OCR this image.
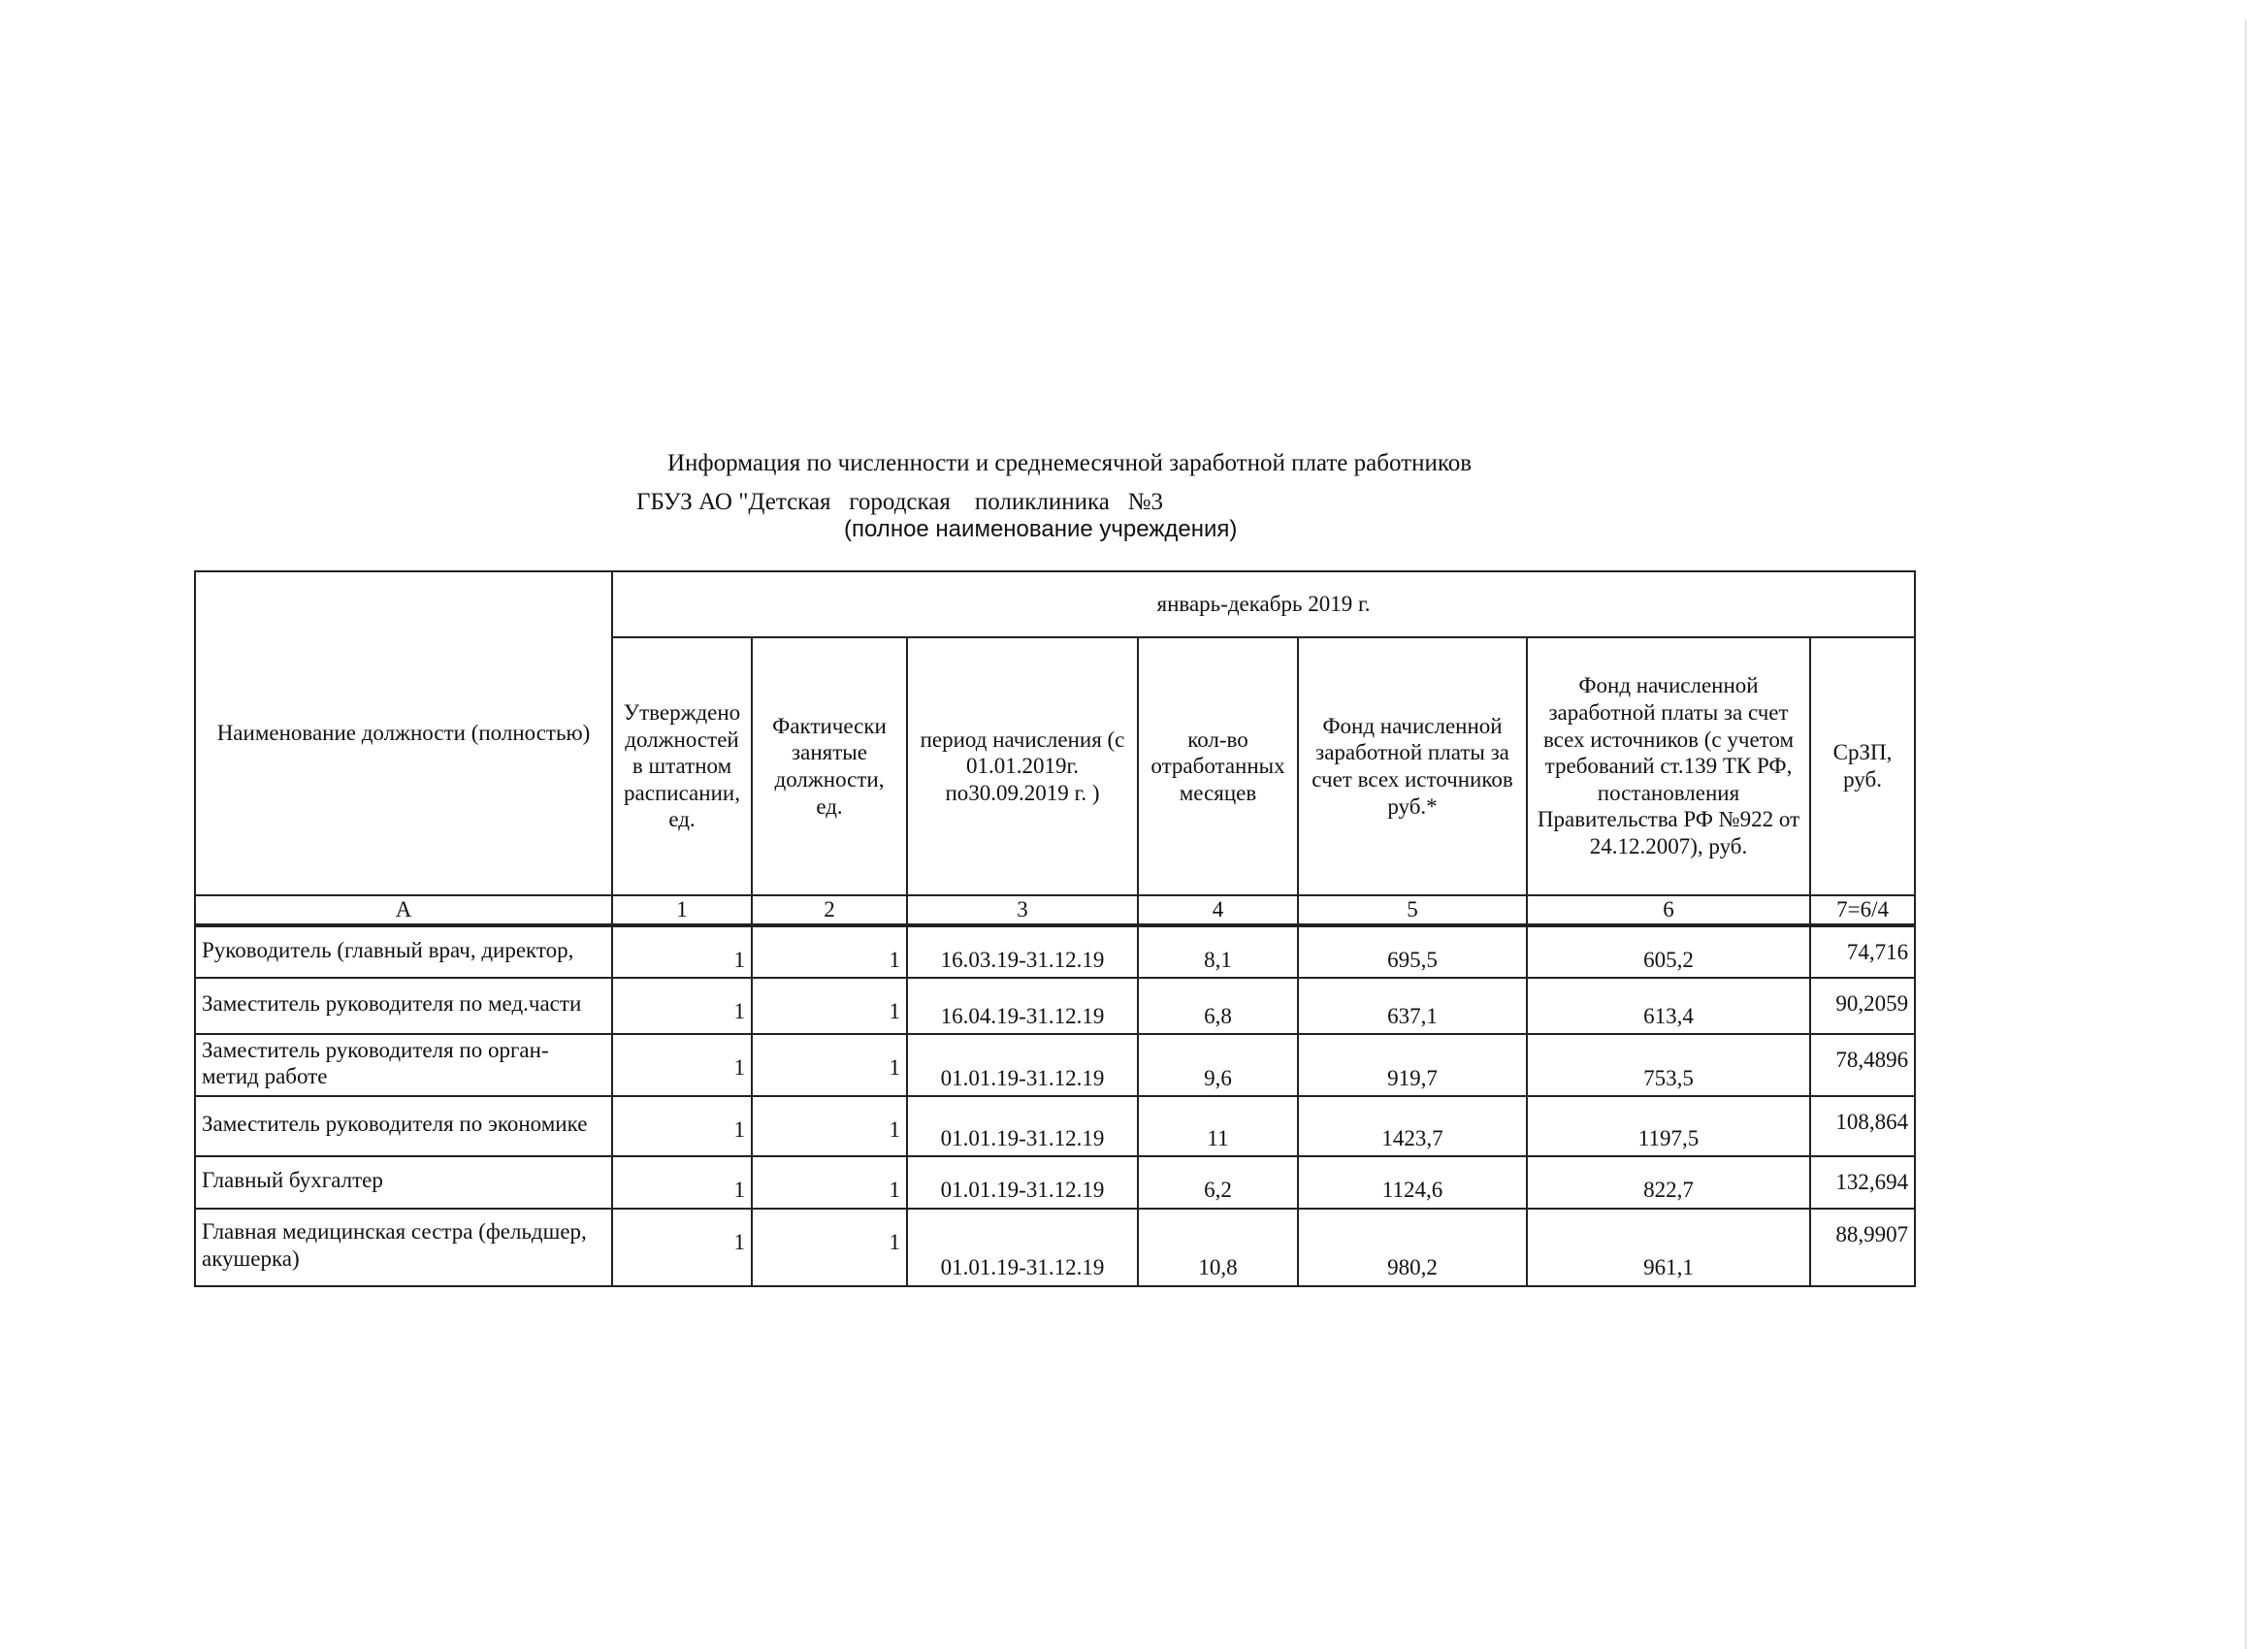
Информация по численности и среднемесячной заработной плате работников
ГБУЗ АО "Детская   городская    поликлиника   №3
(полное наименование учреждения)
Наименование должности (полностью)	январь-декабрь 2019 г.						
	Утверждено должностей в штатном расписании, ед.	Фактически занятые должности, ед.	период начисления (с 01.01.2019г. по30.09.2019 г. )	кол-во отработанных месяцев	Фонд начисленной заработной платы за счет всех источников руб.*	Фонд начисленной заработной платы за счет всех источников (с учетом требований ст.139 ТК РФ, постановления Правительства РФ №922 от 24.12.2007), руб.	СрЗП, руб.
А	1	2	3	4	5	6	7=6/4
Руководитель (главный врач, директор,	1	1	16.03.19-31.12.19	8,1	695,5	605,2	74,716
Заместитель руководителя по мед.части	1	1	16.04.19-31.12.19	6,8	637,1	613,4	90,2059
Заместитель руководителя по орган-метид работе	1	1	01.01.19-31.12.19	9,6	919,7	753,5	78,4896
Заместитель руководителя по экономике	1	1	01.01.19-31.12.19	11	1423,7	1197,5	108,864
Главный бухгалтер	1	1	01.01.19-31.12.19	6,2	1124,6	822,7	132,694
Главная медицинская сестра (фельдшер, акушерка)	1	1	01.01.19-31.12.19	10,8	980,2	961,1	88,9907
